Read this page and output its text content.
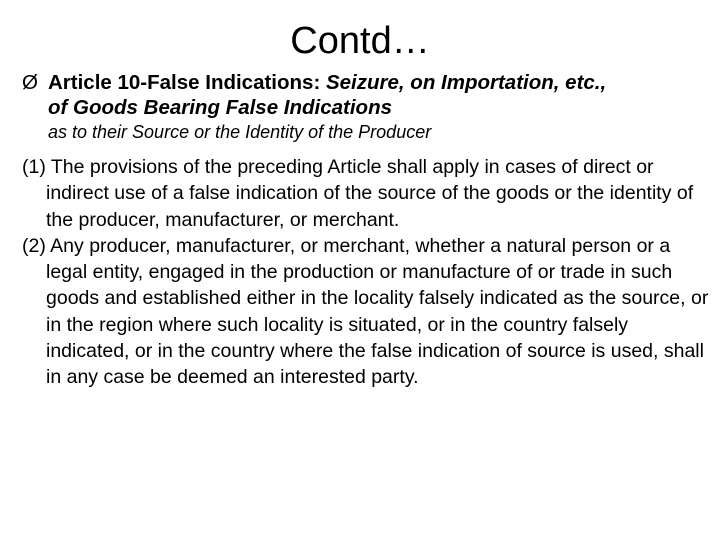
Contd…
Ø Article 10-False Indications: Seizure, on Importation, etc.,
of Goods Bearing False Indications
as to their Source or the Identity of the Producer

(1) The provisions of the preceding Article shall apply in cases of direct or indirect use of a false indication of the source of the goods or the identity of the producer, manufacturer, or merchant.

(2) Any producer, manufacturer, or merchant, whether a natural person or a legal entity, engaged in the production or manufacture of or trade in such goods and established either in the locality falsely indicated as the source, or in the region where such locality is situated, or in the country falsely indicated, or in the country where the false indication of source is used, shall in any case be deemed an interested party.
